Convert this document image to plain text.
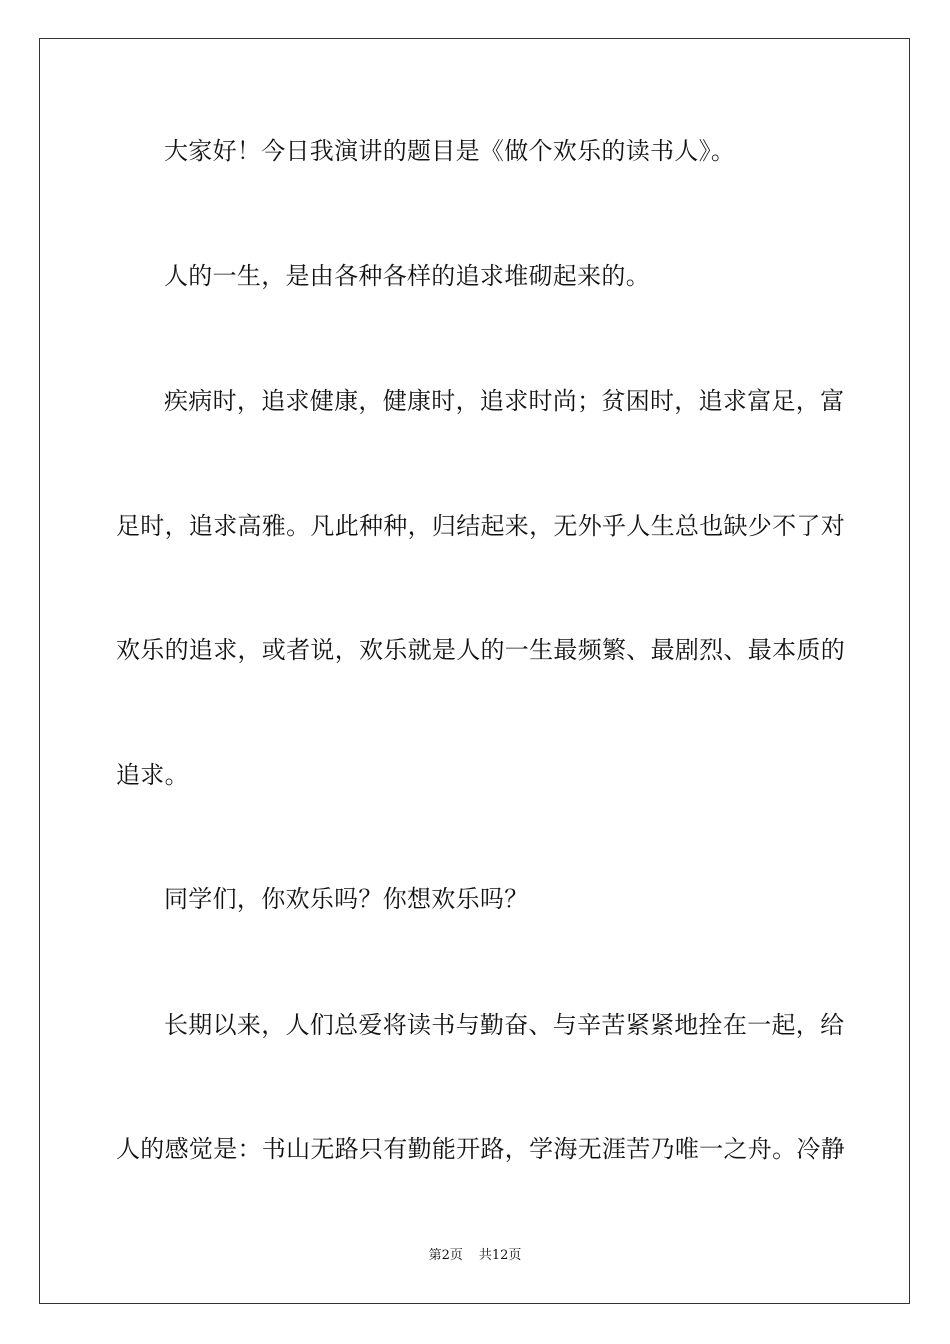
大家好！今日我演讲的题目是《做个欢乐的读书人》。
人的一生，是由各种各样的追求堆砌起来的。
疾病时，追求健康，健康时，追求时尚；贫困时，追求富足，富
足时，追求高雅。凡此种种，归结起来，无外乎人生总也缺少不了对
欢乐的追求，或者说，欢乐就是人的一生最频繁、最剧烈、最本质的
追求。
同学们，你欢乐吗？你想欢乐吗？
长期以来，人们总爱将读书与勤奋、与辛苦紧紧地拴在一起，给
人的感觉是：书山无路只有勤能开路，学海无涯苦乃唯一之舟。冷静
第2页 共12页
